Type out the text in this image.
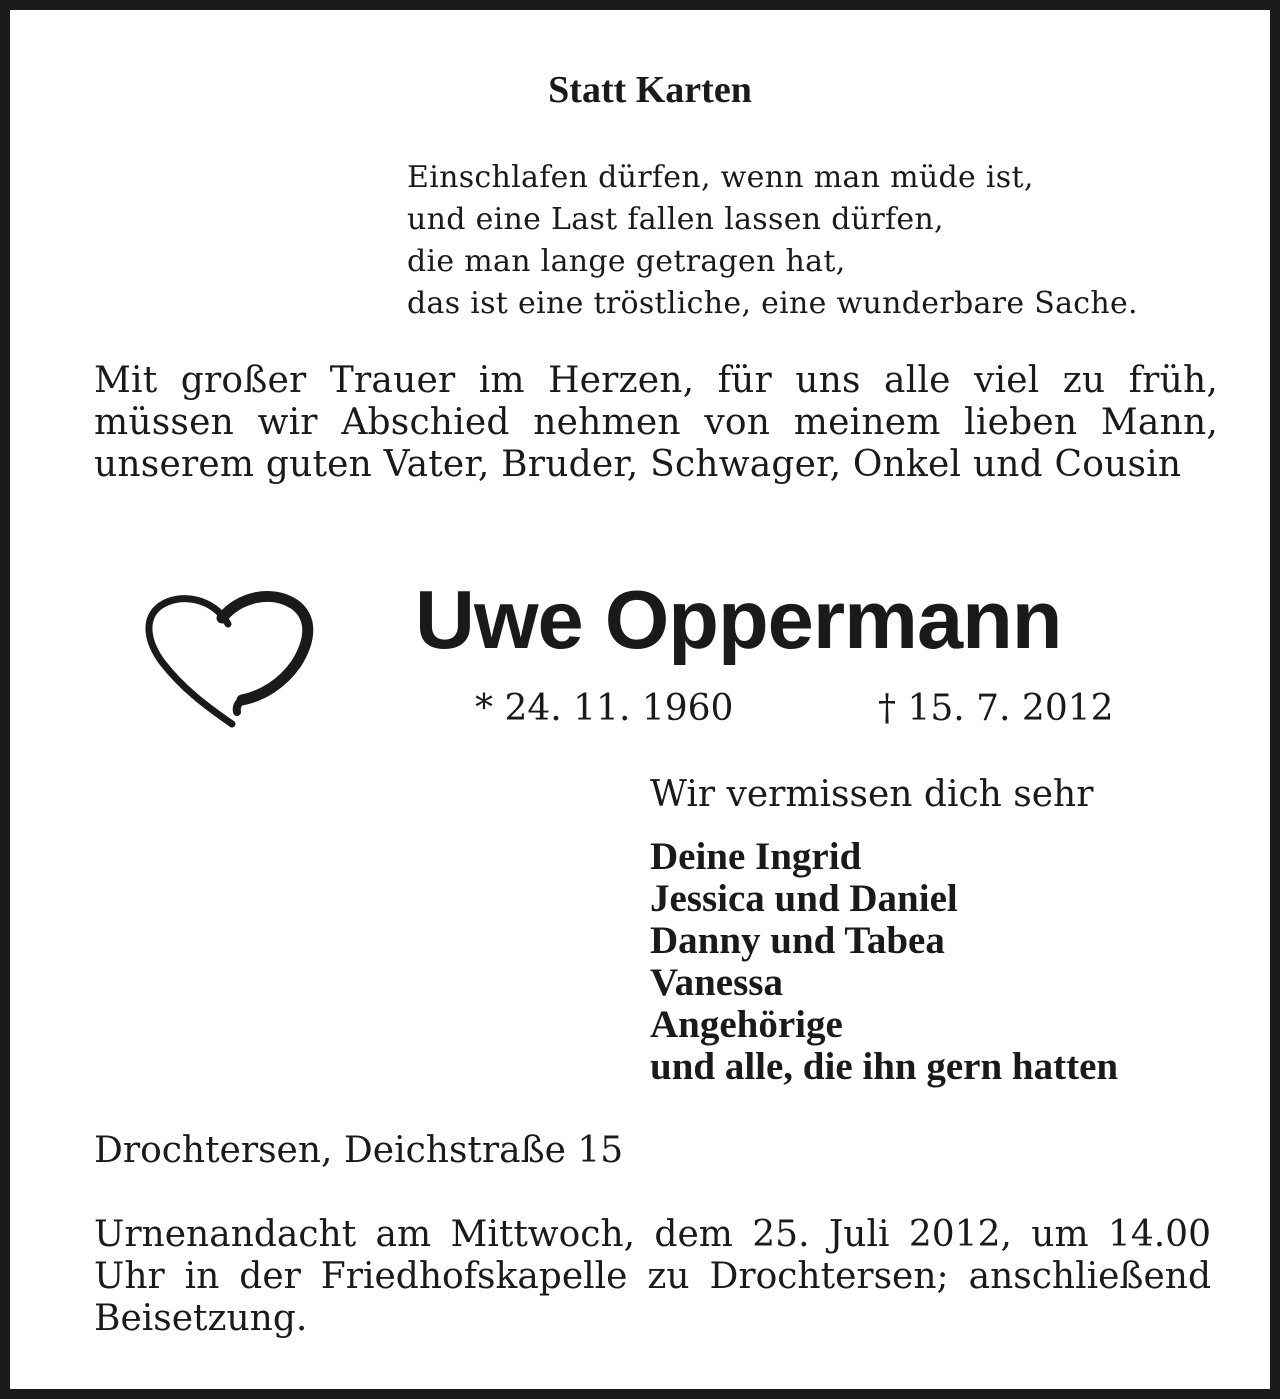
Statt Karten
Einschlafen dürfen, wenn man müde ist,
und eine Last fallen lassen dürfen,
die man lange getragen hat,
das ist eine tröstliche, eine wunderbare Sache.

Mit großer Trauer im Herzen, für uns alle viel zu früh, müssen wir Abschied nehmen von meinem lieben Mann, unserem guten Vater, Bruder, Schwager, Onkel und Cousin

Uwe Oppermann
* 24. 11. 1960	† 15. 7. 2012
Wir vermissen dich sehr
Deine Ingrid
Jessica und Daniel
Danny und Tabea
Vanessa
Angehörige
und alle, die ihn gern hatten
Drochtersen, Deichstraße 15

Urnenandacht am Mittwoch, dem 25. Juli 2012, um 14.00 Uhr in der Friedhofskapelle zu Drochtersen; anschließend Beisetzung.
